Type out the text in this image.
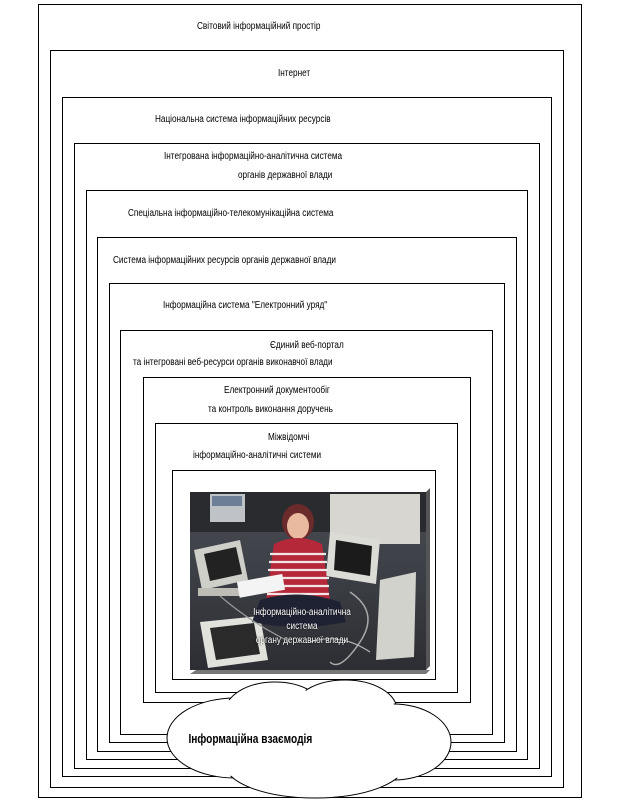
Світовий інформаційний простір
Інтернет
Національна система інформаційних ресурсів
Інтегрована інформаційно-аналітична система
органів державної влади
Спеціальна інформаційно-телекомунікаційна система
Система інформаційних ресурсів органів державної влади
Інформаційна система "Електронний уряд"
Єдиний веб-портал
та інтегровані веб-ресурси органів виконавчої влади
Електронний документообіг
та контроль виконання доручень
Міжвідомчі
інформаційно-аналітичні системи
Інформаційно-аналітична
система
органу державної влади
Інформаційна взаємодія
